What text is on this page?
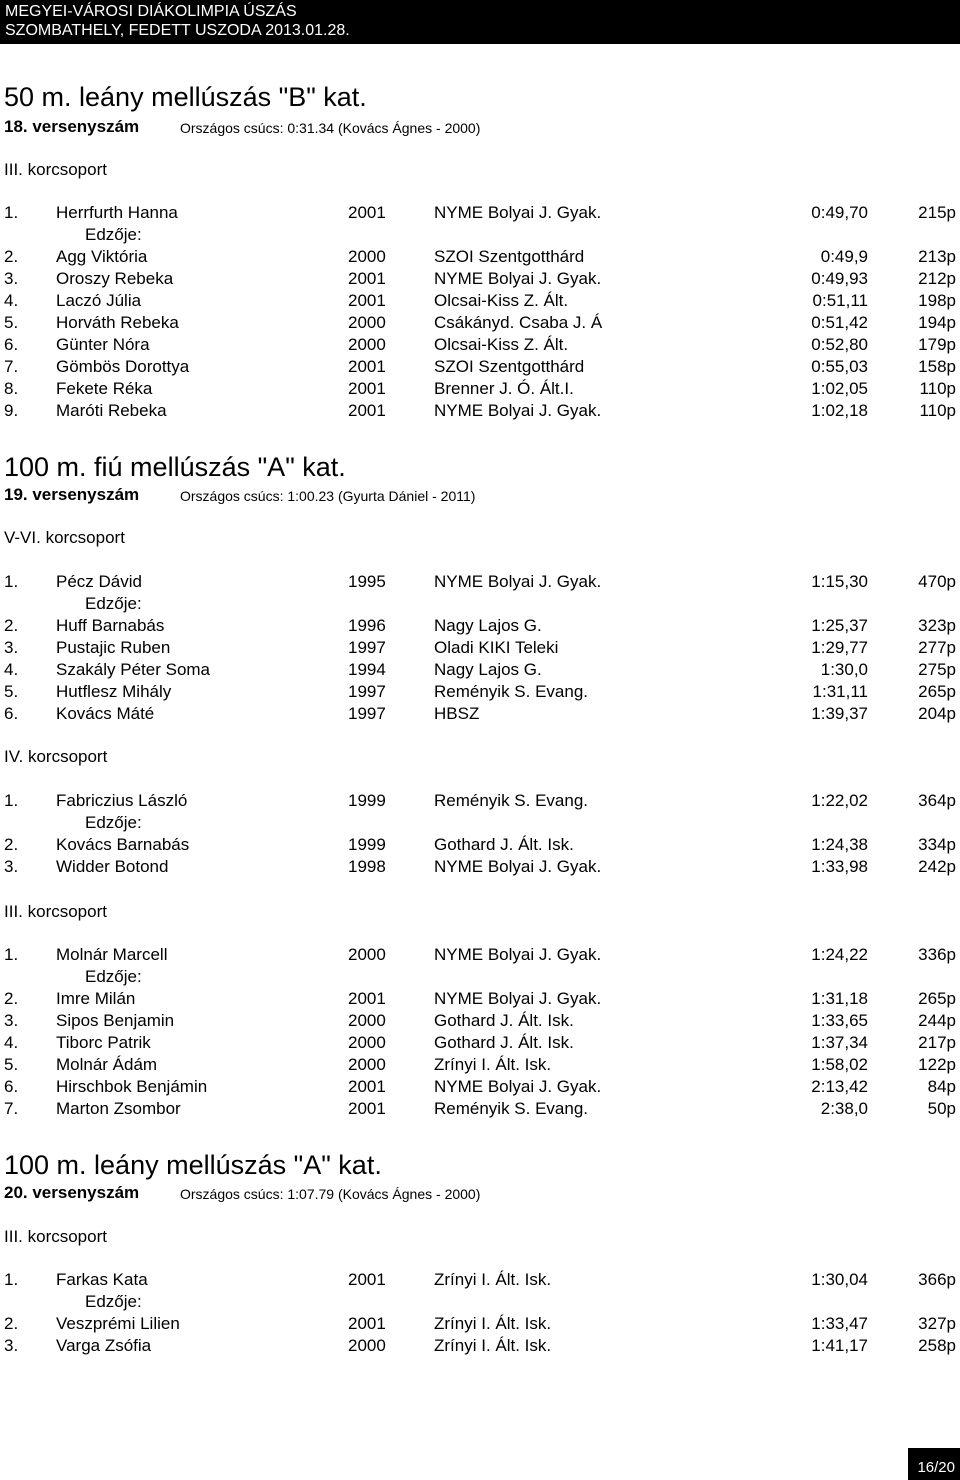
MEGYEI-VÁROSI DIÁKOLIMPIA ÚSZÁS
SZOMBATHELY, FEDETT USZODA 2013.01.28.
50 m. leány mellúszás "B" kat.
18. versenyszám	Országos csúcs: 0:31.34 (Kovács Ágnes - 2000)
III. korcsoport
1. Herrfurth Hanna	2001	NYME Bolyai J. Gyak.	0:49,70	215p
Edzője:
2. Agg Viktória	2000	SZOI Szentgotthárd	0:49,9	213p
3. Oroszy Rebeka	2001	NYME Bolyai J. Gyak.	0:49,93	212p
4. Laczó Júlia	2001	Olcsai-Kiss Z. Ált.	0:51,11	198p
5. Horváth Rebeka	2000	Csákányd. Csaba J. Á	0:51,42	194p
6. Günter Nóra	2000	Olcsai-Kiss Z. Ált.	0:52,80	179p
7. Gömbös Dorottya	2001	SZOI Szentgotthárd	0:55,03	158p
8. Fekete Réka	2001	Brenner J. Ó. Ált.I.	1:02,05	110p
9. Maróti Rebeka	2001	NYME Bolyai J. Gyak.	1:02,18	110p
100 m. fiú mellúszás "A" kat.
19. versenyszám	Országos csúcs: 1:00.23 (Gyurta Dániel - 2011)
V-VI. korcsoport
1. Pécz Dávid	1995	NYME Bolyai J. Gyak.	1:15,30	470p
Edzője:
2. Huff Barnabás	1996	Nagy Lajos G.	1:25,37	323p
3. Pustajic Ruben	1997	Oladi KIKI Teleki	1:29,77	277p
4. Szakály Péter Soma	1994	Nagy Lajos G.	1:30,0	275p
5. Hutflesz Mihály	1997	Reményik S. Evang.	1:31,11	265p
6. Kovács Máté	1997	HBSZ	1:39,37	204p
IV. korcsoport
1. Fabriczius László	1999	Reményik S. Evang.	1:22,02	364p
Edzője:
2. Kovács Barnabás	1999	Gothard J. Ált. Isk.	1:24,38	334p
3. Widder Botond	1998	NYME Bolyai J. Gyak.	1:33,98	242p
III. korcsoport
1. Molnár Marcell	2000	NYME Bolyai J. Gyak.	1:24,22	336p
Edzője:
2. Imre Milán	2001	NYME Bolyai J. Gyak.	1:31,18	265p
3. Sipos Benjamin	2000	Gothard J. Ált. Isk.	1:33,65	244p
4. Tiborc Patrik	2000	Gothard J. Ált. Isk.	1:37,34	217p
5. Molnár Ádám	2000	Zrínyi I. Ált. Isk.	1:58,02	122p
6. Hirschbok Benjámin	2001	NYME Bolyai J. Gyak.	2:13,42	84p
7. Marton Zsombor	2001	Reményik S. Evang.	2:38,0	50p
100 m. leány mellúszás "A" kat.
20. versenyszám	Országos csúcs: 1:07.79 (Kovács Ágnes - 2000)
III. korcsoport
1. Farkas Kata	2001	Zrínyi I. Ált. Isk.	1:30,04	366p
Edzője:
2. Veszprémi Lilien	2001	Zrínyi I. Ált. Isk.	1:33,47	327p
3. Varga Zsófia	2000	Zrínyi I. Ált. Isk.	1:41,17	258p
16/20
